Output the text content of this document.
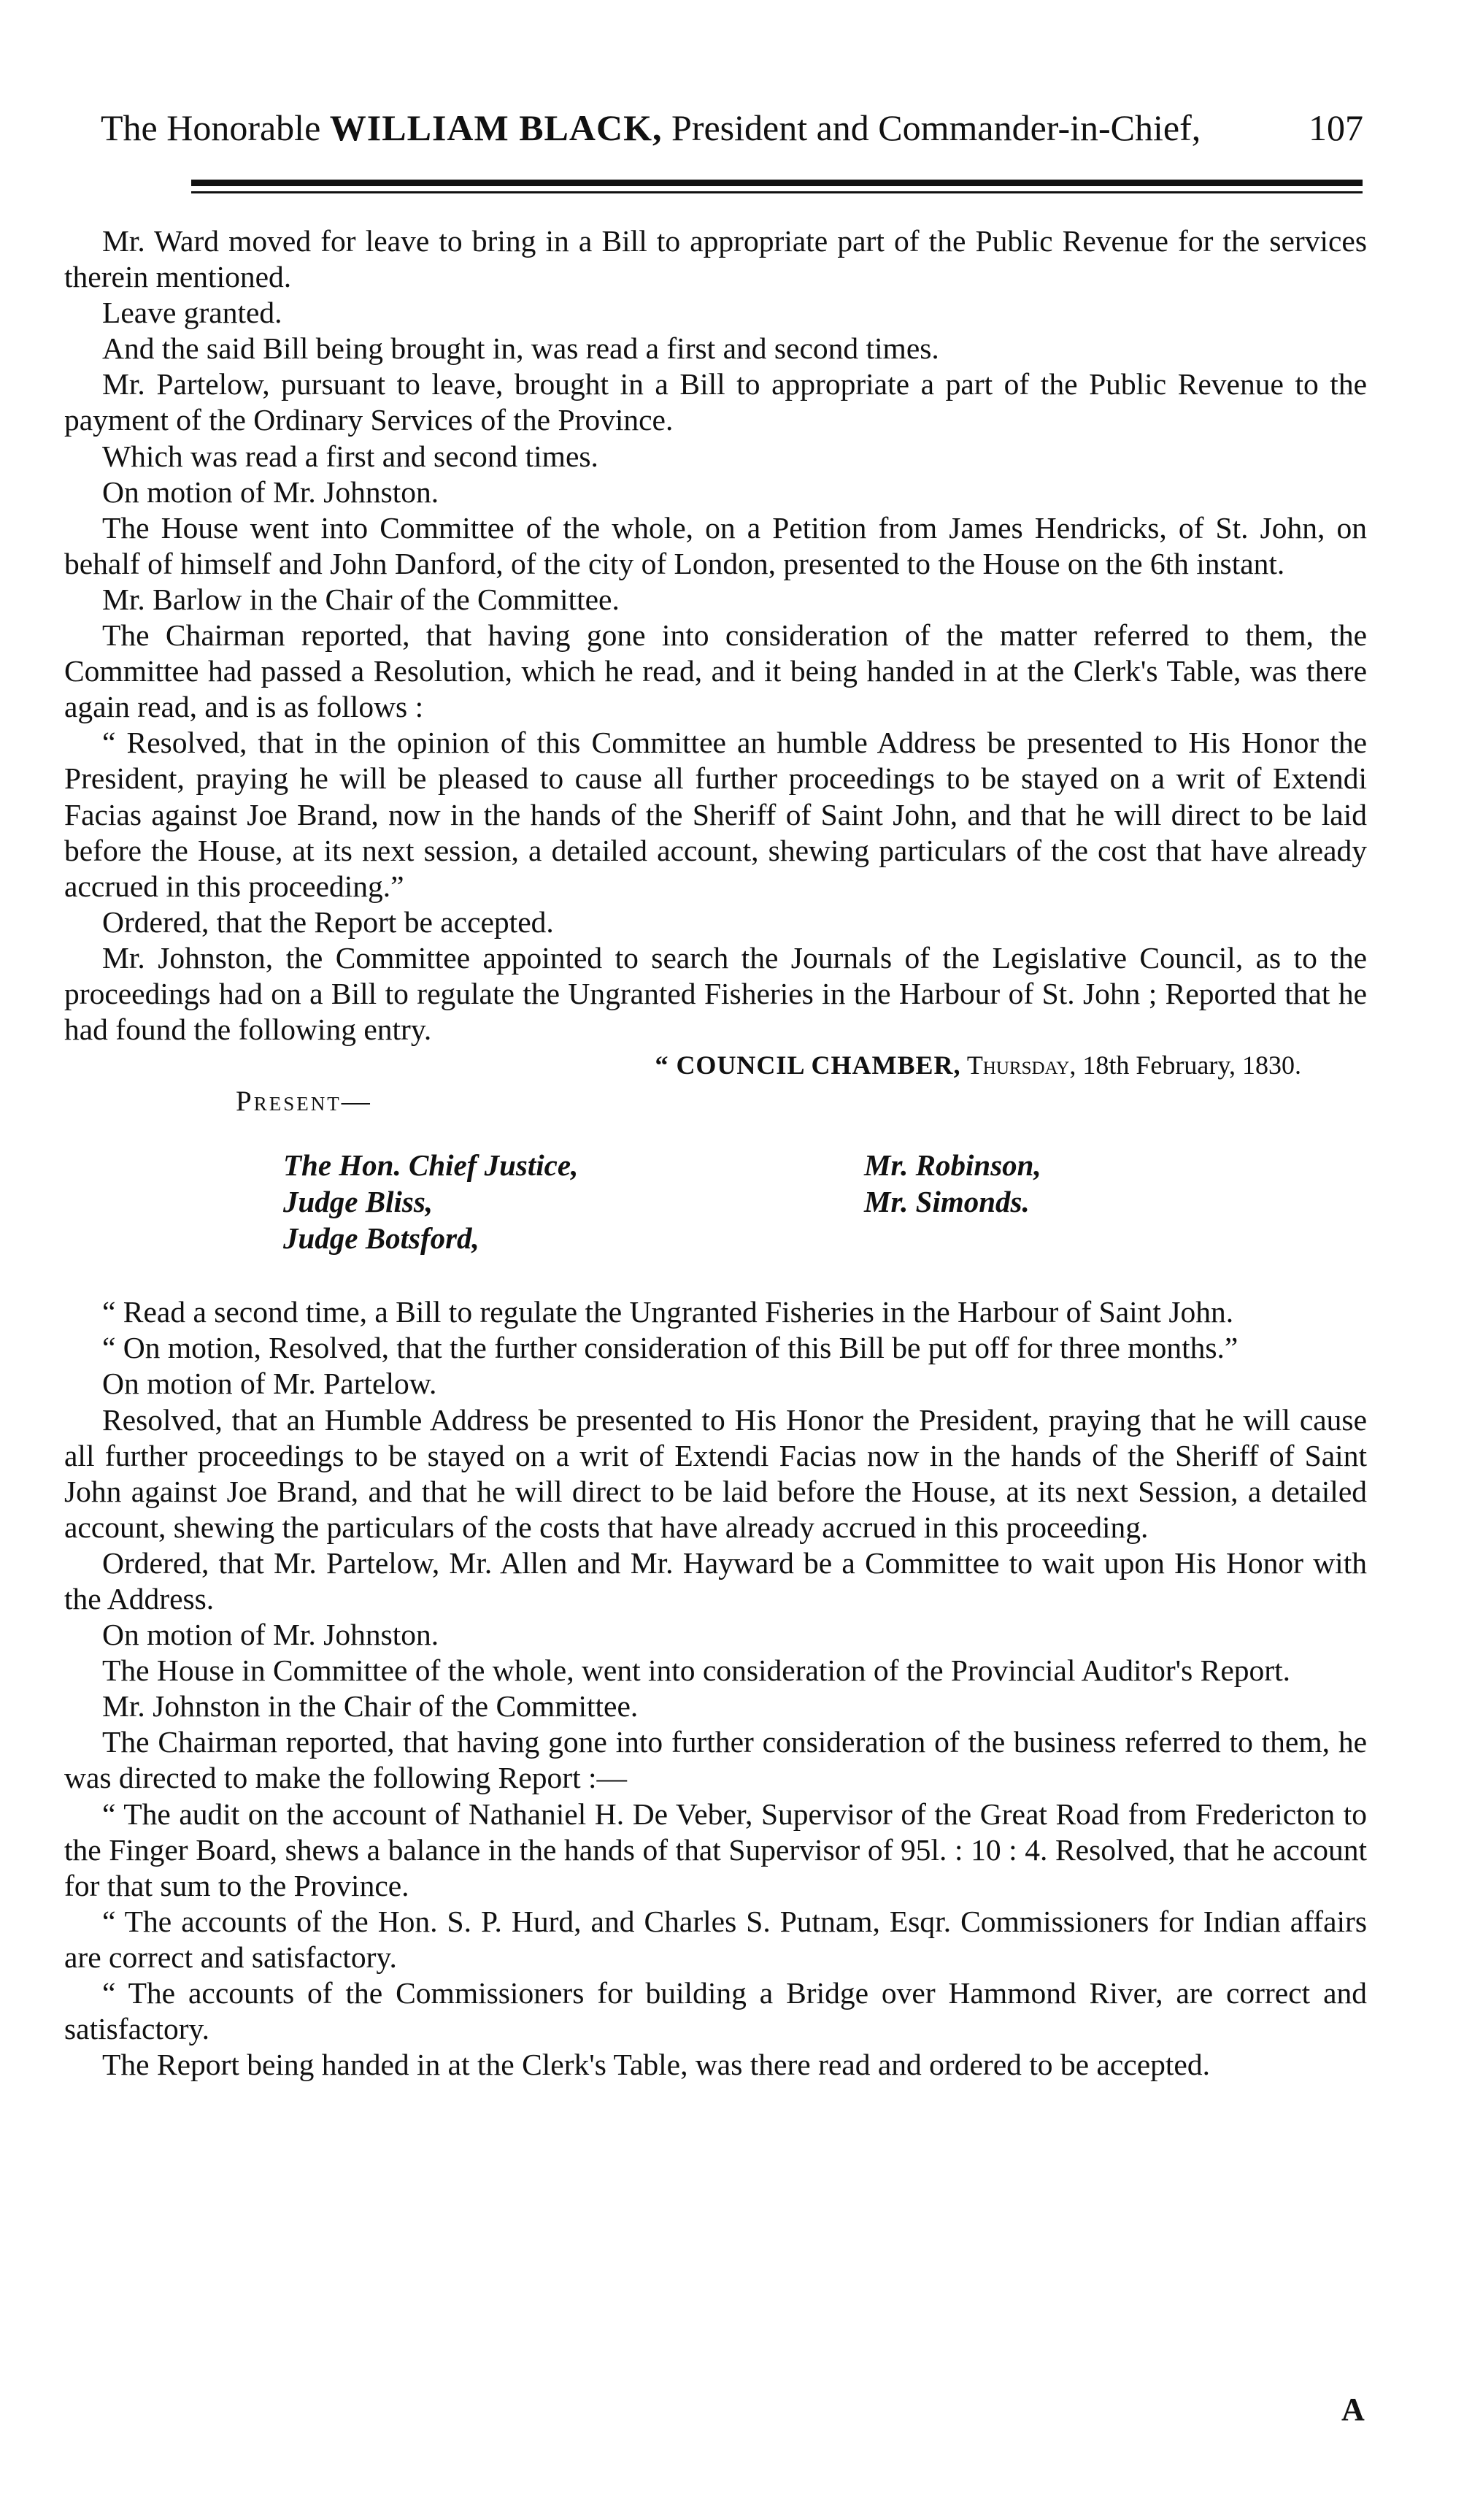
The Honorable WILLIAM BLACK, President and Commander-in-Chief,	107

Mr. Ward moved for leave to bring in a Bill to appropriate part of the Public Revenue for the services therein mentioned.

Leave granted.

And the said Bill being brought in, was read a first and second times.

Mr. Partelow, pursuant to leave, brought in a Bill to appropriate a part of the Public Revenue to the payment of the Ordinary Services of the Province.

Which was read a first and second times.

On motion of Mr. Johnston.

The House went into Committee of the whole, on a Petition from James Hendricks, of St. John, on behalf of himself and John Danford, of the city of London, presented to the House on the 6th instant.

Mr. Barlow in the Chair of the Committee.

The Chairman reported, that having gone into consideration of the matter referred to them, the Committee had passed a Resolution, which he read, and it being handed in at the Clerk's Table, was there again read, and is as follows :

“ Resolved, that in the opinion of this Committee an humble Address be presented to His Honor the President, praying he will be pleased to cause all further proceedings to be stayed on a writ of Extendi Facias against Joe Brand, now in the hands of the Sheriff of Saint John, and that he will direct to be laid before the House, at its next session, a detailed account, shewing particulars of the cost that have already accrued in this proceeding.”

Ordered, that the Report be accepted.

Mr. Johnston, the Committee appointed to search the Journals of the Legislative Council, as to the proceedings had on a Bill to regulate the Ungranted Fisheries in the Harbour of St. John ; Reported that he had found the following entry.

“ COUNCIL CHAMBER, Thursday, 18th February, 1830.

Present—

The Hon. Chief Justice,
Judge Bliss,
Judge Botsford,
Mr. Robinson,
Mr. Simonds.

“ Read a second time, a Bill to regulate the Ungranted Fisheries in the Harbour of Saint John.

“ On motion, Resolved, that the further consideration of this Bill be put off for three months.”

On motion of Mr. Partelow.

Resolved, that an Humble Address be presented to His Honor the President, praying that he will cause all further proceedings to be stayed on a writ of Extendi Facias now in the hands of the Sheriff of Saint John against Joe Brand, and that he will direct to be laid before the House, at its next Session, a detailed account, shewing the particulars of the costs that have already accrued in this proceeding.

Ordered, that Mr. Partelow, Mr. Allen and Mr. Hayward be a Committee to wait upon His Honor with the Address.

On motion of Mr. Johnston.

The House in Committee of the whole, went into consideration of the Provincial Auditor's Report.

Mr. Johnston in the Chair of the Committee.

The Chairman reported, that having gone into further consideration of the business referred to them, he was directed to make the following Report :—

“ The audit on the account of Nathaniel H. De Veber, Supervisor of the Great Road from Fredericton to the Finger Board, shews a balance in the hands of that Supervisor of 95l. : 10 : 4. Resolved, that he account for that sum to the Province.

“ The accounts of the Hon. S. P. Hurd, and Charles S. Putnam, Esqr. Commissioners for Indian affairs are correct and satisfactory.

“ The accounts of the Commissioners for building a Bridge over Hammond River, are correct and satisfactory.

The Report being handed in at the Clerk's Table, was there read and ordered to be accepted.

A
